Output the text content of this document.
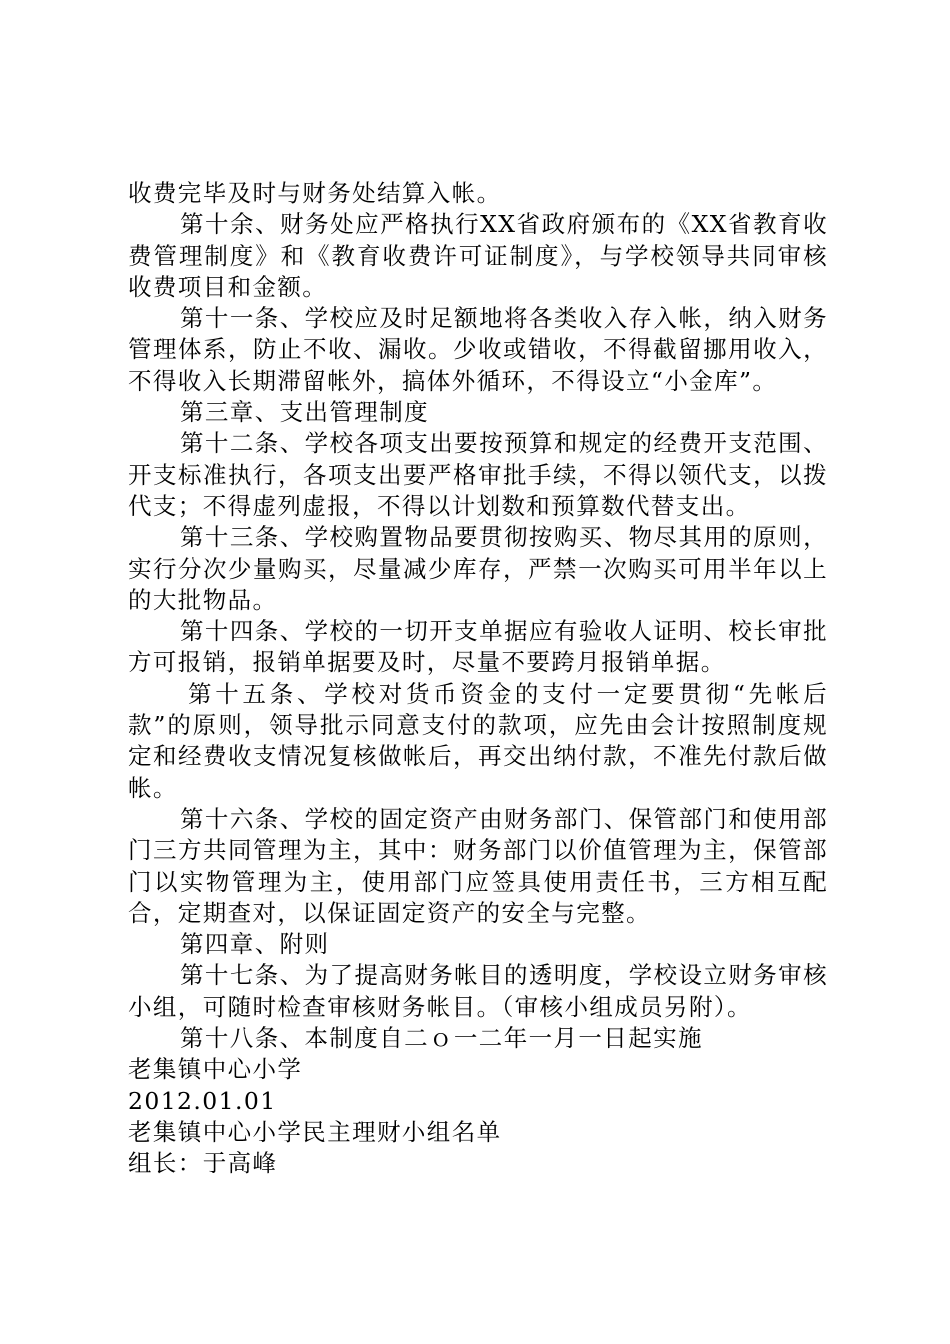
收费完毕及时与财务处结算入帐。

第十余、财务处应严格执行XX省政府颁布的《XX省教育收费管理制度》和《教育收费许可证制度》，与学校领导共同审核收费项目和金额。

第十一条、学校应及时足额地将各类收入存入帐，纳入财务管理体系，防止不收、漏收。少收或错收，不得截留挪用收入，不得收入长期滞留帐外，搞体外循环，不得设立“小金库”。

第三章、支出管理制度

第十二条、学校各项支出要按预算和规定的经费开支范围、开支标准执行，各项支出要严格审批手续，不得以领代支，以拨代支；不得虚列虚报，不得以计划数和预算数代替支出。

第十三条、学校购置物品要贯彻按购买、物尽其用的原则，实行分次少量购买，尽量减少库存，严禁一次购买可用半年以上的大批物品。

第十四条、学校的一切开支单据应有验收人证明、校长审批方可报销，报销单据要及时，尽量不要跨月报销单据。

第十五条、学校对货币资金的支付一定要贯彻“先帐后款”的原则，领导批示同意支付的款项，应先由会计按照制度规定和经费收支情况复核做帐后，再交出纳付款，不准先付款后做帐。

第十六条、学校的固定资产由财务部门、保管部门和使用部门三方共同管理为主，其中：财务部门以价值管理为主，保管部门以实物管理为主，使用部门应签具使用责任书，三方相互配合，定期查对，以保证固定资产的安全与完整。

第四章、附则

第十七条、为了提高财务帐目的透明度，学校设立财务审核小组，可随时检查审核财务帐目。（审核小组成员另附）。

第十八条、本制度自二ｏ一二年一月一日起实施

老集镇中心小学

2012.01.01

老集镇中心小学民主理财小组名单

组长：于高峰
